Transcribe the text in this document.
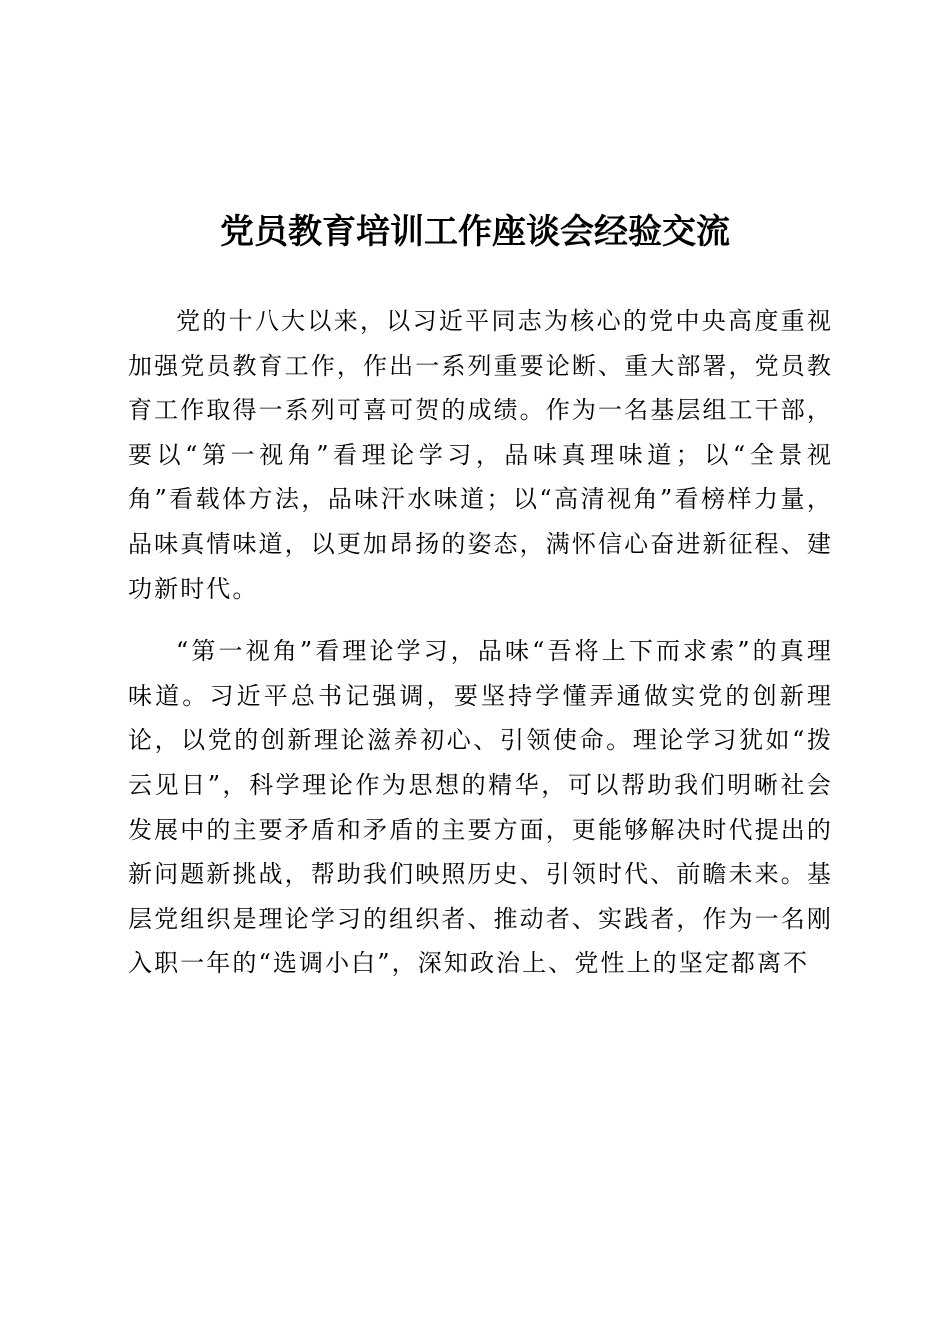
党员教育培训工作座谈会经验交流

党的十八大以来，以习近平同志为核心的党中央高度重视加强党员教育工作，作出一系列重要论断、重大部署，党员教育工作取得一系列可喜可贺的成绩。作为一名基层组工干部，要以“第一视角”看理论学习，品味真理味道；以“全景视角”看载体方法，品味汗水味道；以“高清视角”看榜样力量，品味真情味道，以更加昂扬的姿态，满怀信心奋进新征程、建功新时代。

“第一视角”看理论学习，品味“吾将上下而求索”的真理味道。习近平总书记强调，要坚持学懂弄通做实党的创新理论，以党的创新理论滋养初心、引领使命。理论学习犹如“拨云见日”，科学理论作为思想的精华，可以帮助我们明晰社会发展中的主要矛盾和矛盾的主要方面，更能够解决时代提出的新问题新挑战，帮助我们映照历史、引领时代、前瞻未来。基层党组织是理论学习的组织者、推动者、实践者，作为一名刚入职一年的“选调小白”，深知政治上、党性上的坚定都离不
